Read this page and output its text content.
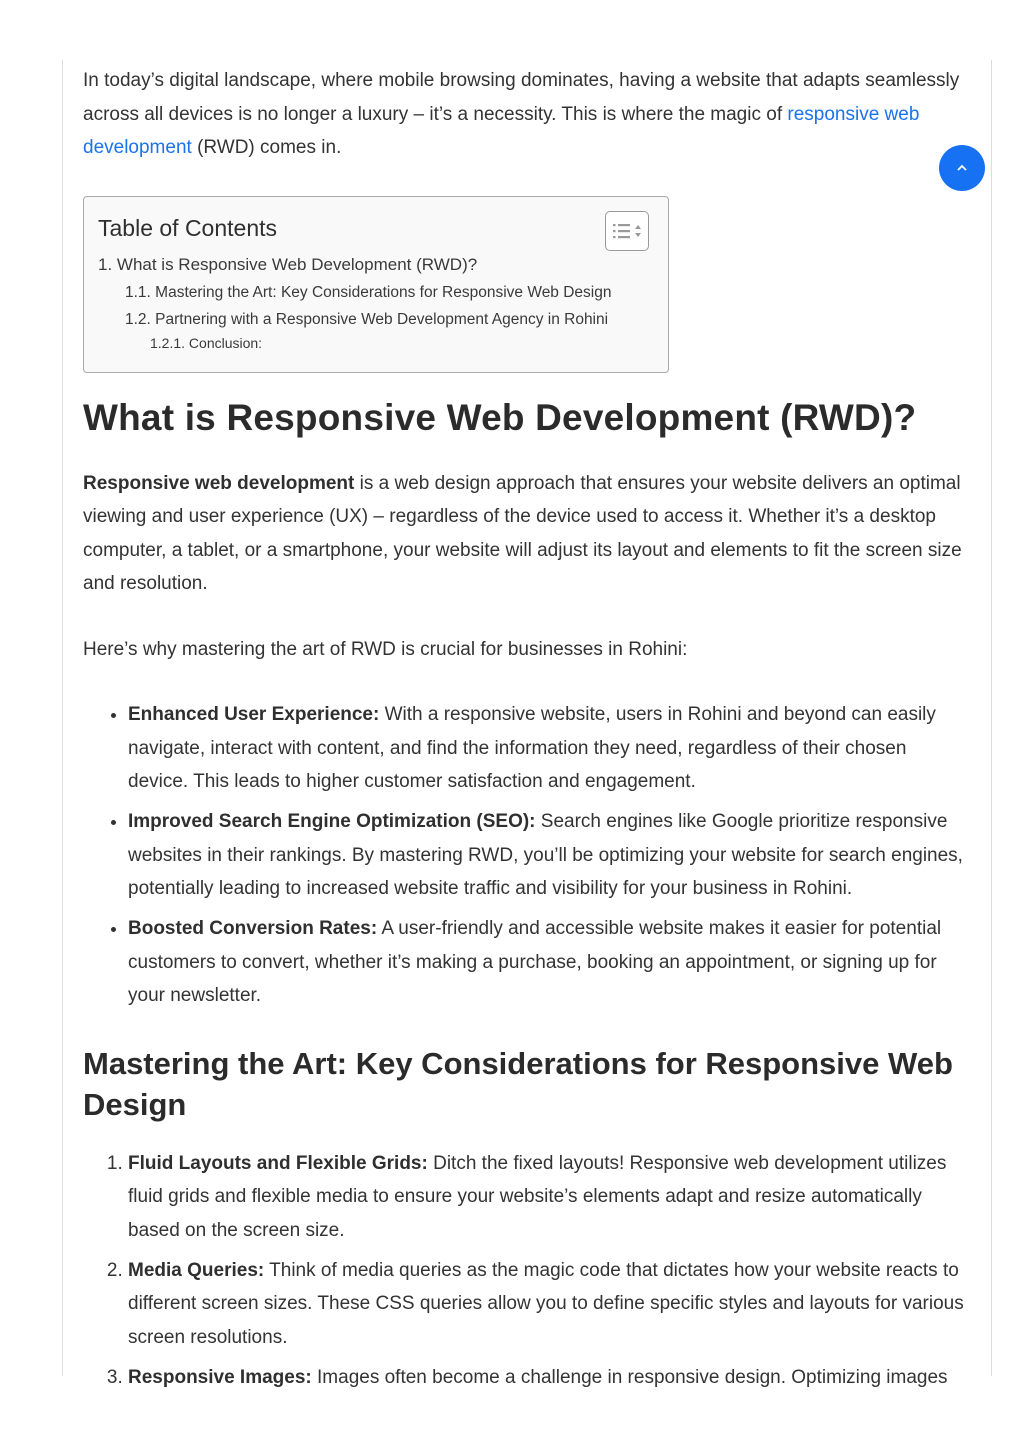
In today’s digital landscape, where mobile browsing dominates, having a website that adapts seamlessly across all devices is no longer a luxury – it’s a necessity. This is where the magic of responsive web development (RWD) comes in.

Table of Contents
1. What is Responsive Web Development (RWD)?
1.1. Mastering the Art: Key Considerations for Responsive Web Design
1.2. Partnering with a Responsive Web Development Agency in Rohini
1.2.1. Conclusion:
What is Responsive Web Development (RWD)?

Responsive web development is a web design approach that ensures your website delivers an optimal viewing and user experience (UX) – regardless of the device used to access it. Whether it’s a desktop computer, a tablet, or a smartphone, your website will adjust its layout and elements to fit the screen size and resolution.

Here’s why mastering the art of RWD is crucial for businesses in Rohini:

• Enhanced User Experience: With a responsive website, users in Rohini and beyond can easily navigate, interact with content, and find the information they need, regardless of their chosen device. This leads to higher customer satisfaction and engagement.
• Improved Search Engine Optimization (SEO): Search engines like Google prioritize responsive websites in their rankings. By mastering RWD, you’ll be optimizing your website for search engines, potentially leading to increased website traffic and visibility for your business in Rohini.
• Boosted Conversion Rates: A user-friendly and accessible website makes it easier for potential customers to convert, whether it’s making a purchase, booking an appointment, or signing up for your newsletter.
Mastering the Art: Key Considerations for Responsive Web Design
1. Fluid Layouts and Flexible Grids: Ditch the fixed layouts! Responsive web development utilizes fluid grids and flexible media to ensure your website’s elements adapt and resize automatically based on the screen size.
2. Media Queries: Think of media queries as the magic code that dictates how your website reacts to different screen sizes. These CSS queries allow you to define specific styles and layouts for various screen resolutions.
3. Responsive Images: Images often become a challenge in responsive design. Optimizing images
